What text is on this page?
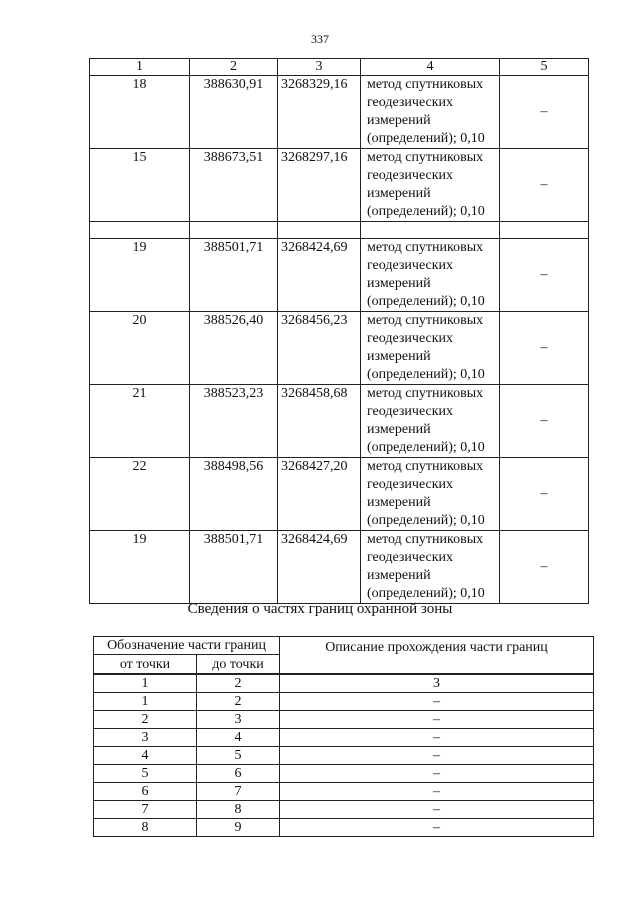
337
1	2	3	4	5
18	388630,91	3268329,16	метод спутниковых
геодезических
измерений
(определений); 0,10	–
15	388673,51	3268297,16	метод спутниковых
геодезических
измерений
(определений); 0,10	–

19	388501,71	3268424,69	метод спутниковых
геодезических
измерений
(определений); 0,10	–
20	388526,40	3268456,23	метод спутниковых
геодезических
измерений
(определений); 0,10	–
21	388523,23	3268458,68	метод спутниковых
геодезических
измерений
(определений); 0,10	–
22	388498,56	3268427,20	метод спутниковых
геодезических
измерений
(определений); 0,10	–
19	388501,71	3268424,69	метод спутниковых
геодезических
измерений
(определений); 0,10	–
Сведения о частях границ охранной зоны
Обозначение части границ		Описание прохождения части границ
от точки	до точки	
1	2	3
1	2	–
2	3	–
3	4	–
4	5	–
5	6	–
6	7	–
7	8	–
8	9	–
